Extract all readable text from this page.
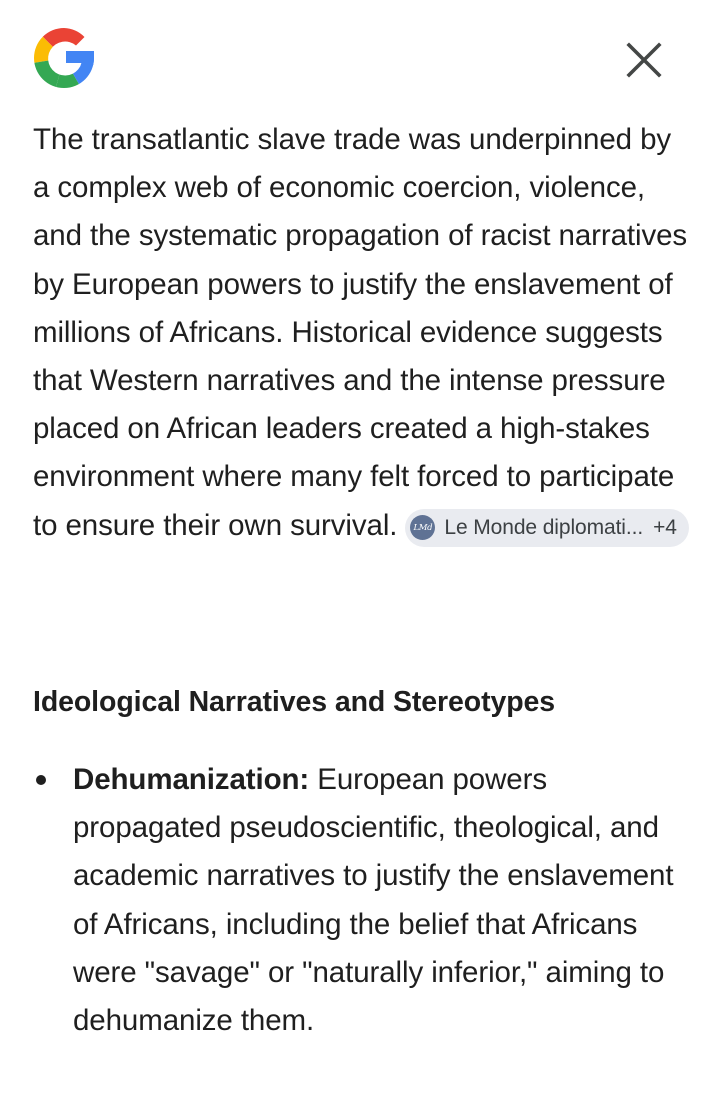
The transatlantic slave trade was underpinned by a complex web of economic coercion, violence, and the systematic propagation of racist narratives by European powers to justify the enslavement of millions of Africans. Historical evidence suggests that Western narratives and the intense pressure placed on African leaders created a high-stakes environment where many felt forced to participate to ensure their own survival.	LMd Le Monde diplomati... +4

Ideological Narratives and Stereotypes
Dehumanization: European powers propagated pseudoscientific, theological, and academic narratives to justify the enslavement of Africans, including the belief that Africans were "savage" or "naturally inferior," aiming to dehumanize them.
